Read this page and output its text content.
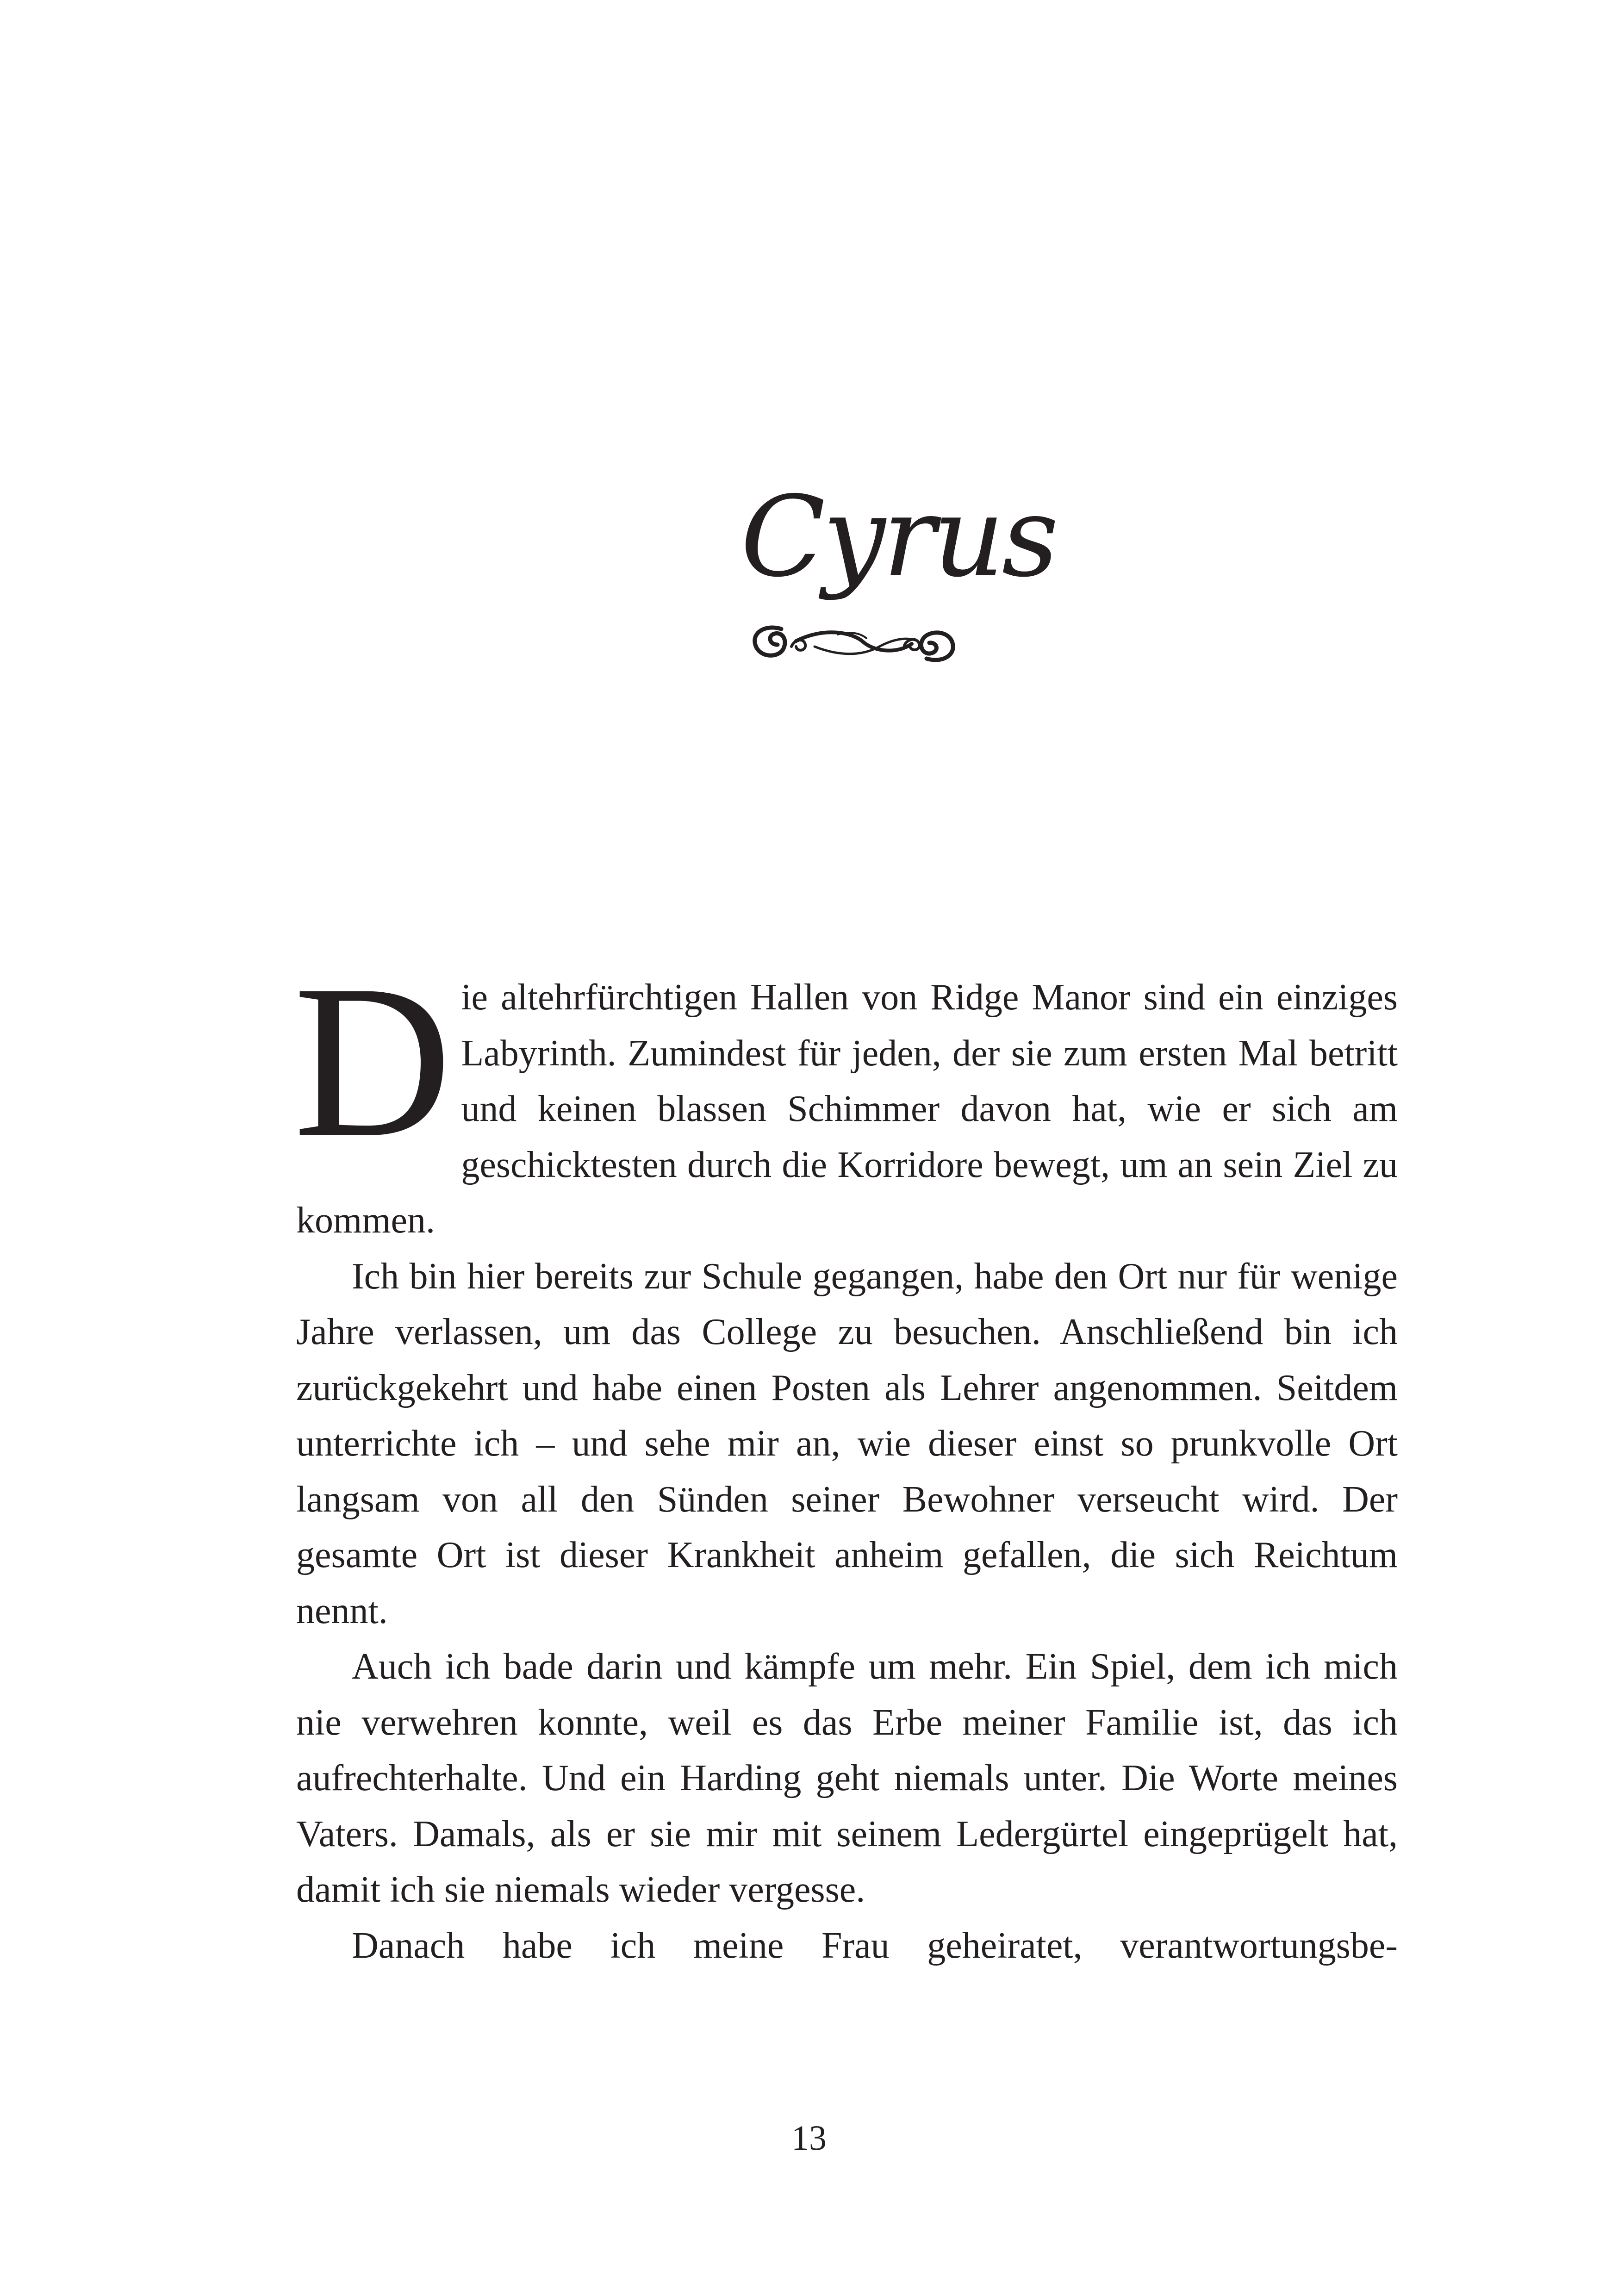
Cyrus

Die altehrfürchtigen Hallen von Ridge Manor sind ein einziges Labyrinth. Zumindest für jeden, der sie zum ersten Mal betritt und keinen blassen Schimmer davon hat, wie er sich am geschicktesten durch die Korridore bewegt, um an sein Ziel zu kommen.

Ich bin hier bereits zur Schule gegangen, habe den Ort nur für wenige Jahre verlassen, um das College zu besuchen. Anschließend bin ich zurückgekehrt und habe einen Posten als Lehrer angenommen. Seitdem unterrichte ich – und sehe mir an, wie dieser einst so prunkvolle Ort langsam von all den Sünden seiner Bewohner verseucht wird. Der gesamte Ort ist dieser Krankheit anheim gefallen, die sich Reichtum nennt.

Auch ich bade darin und kämpfe um mehr. Ein Spiel, dem ich mich nie verwehren konnte, weil es das Erbe meiner Familie ist, das ich aufrechterhalte. Und ein Harding geht niemals unter. Die Worte meines Vaters. Damals, als er sie mir mit seinem Ledergürtel eingeprügelt hat, damit ich sie niemals wieder vergesse.

Danach habe ich meine Frau geheiratet, verantwortungsbe-

13
